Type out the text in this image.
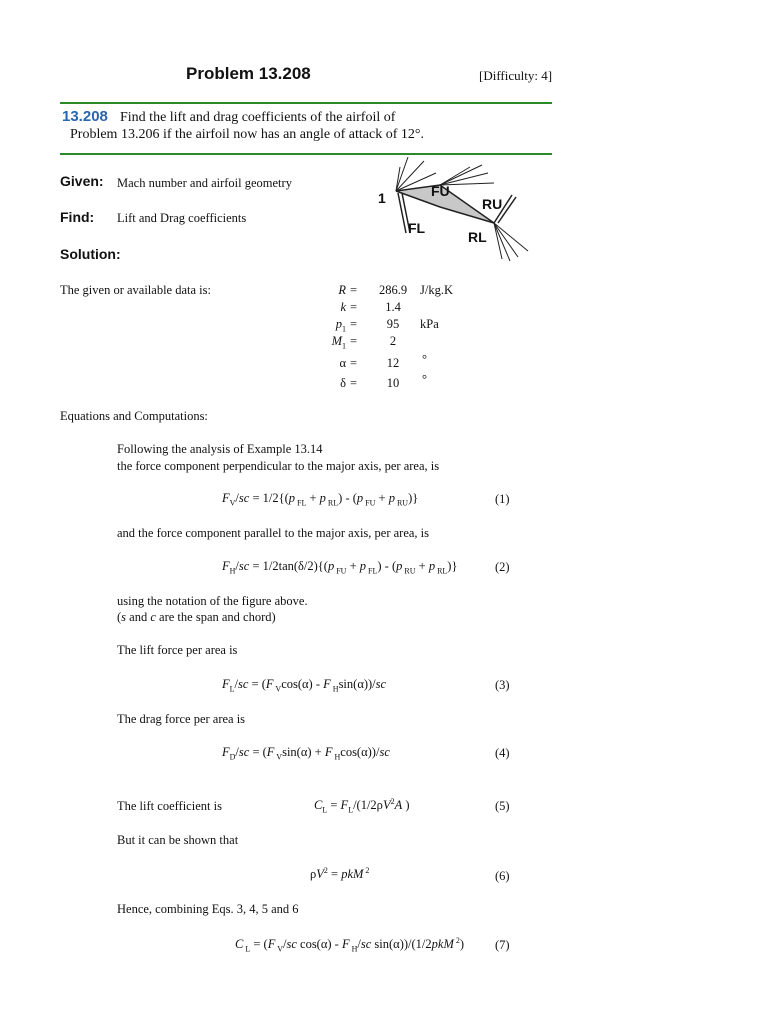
Problem 13.208	[Difficulty: 4]
13.208 Find the lift and drag coefficients of the airfoil of
Problem 13.206 if the airfoil now has an angle of attack of 12°.
Given: Mach number and airfoil geometry
Find: Lift and Drag coefficients
Solution:
1	FU
RU
FL
RL
The given or available data is:	R =	286.9	J/kg.K
k =	1.4
$p_1$ =	95	kPa
$M_1$ =	2
α =	12	°
δ =	10	°
Equations and Computations:
Following the analysis of Example 13.14
the force component perpendicular to the major axis, per area, is
$F_V/sc = 1/2\{(p$ $_{FL}$ + p $_{RL}$) - (p $_{FU}$ + p $_{RU}$)}	(1)
and the force component parallel to the major axis, per area, is
$F_H/sc = 1/2\tan(\delta/2)\{(p$ $_{FU}$ + p $_{FL}$) - (p $_{RU}$ + p $_{RL}$)}	(2)
using the notation of the figure above.
(s and c are the span and chord)
The lift force per area is
$F_L/sc = (F$ $_V$cos(α) - F $_H$sin(α))/sc	(3)
The drag force per area is
$F_D/sc = (F$ $_V$sin(α) + F $_H$cos(α))/sc	(4)
The lift coefficient is	$C_L = F_L/(1/2\rho V^2A$ )	(5)
But it can be shown that
$\rho V^2$ = pkM $^2$	(6)
Hence, combining Eqs. 3, 4, 5 and 6
C $_L$ = (F $_V$/sc cos(α) - F $_H$/sc sin(α))/(1/2pkM $^2$) (7)
